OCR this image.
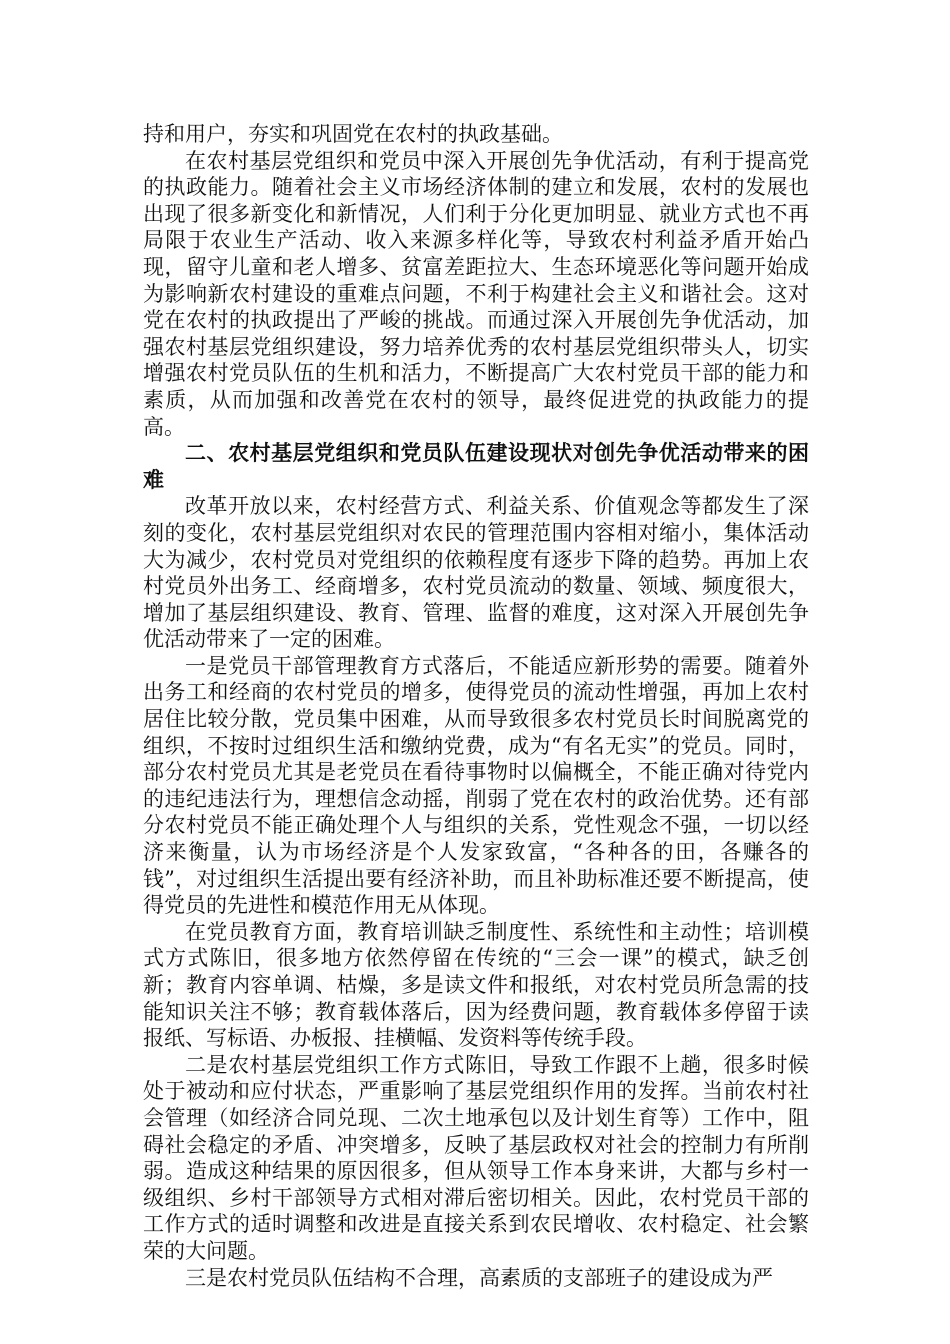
持和用户，夯实和巩固党在农村的执政基础。

在农村基层党组织和党员中深入开展创先争优活动，有利于提高党的执政能力。随着社会主义市场经济体制的建立和发展，农村的发展也出现了很多新变化和新情况，人们利于分化更加明显、就业方式也不再局限于农业生产活动、收入来源多样化等，导致农村利益矛盾开始凸现，留守儿童和老人增多、贫富差距拉大、生态环境恶化等问题开始成为影响新农村建设的重难点问题，不利于构建社会主义和谐社会。这对党在农村的执政提出了严峻的挑战。而通过深入开展创先争优活动，加强农村基层党组织建设，努力培养优秀的农村基层党组织带头人，切实增强农村党员队伍的生机和活力，不断提高广大农村党员干部的能力和素质，从而加强和改善党在农村的领导，最终促进党的执政能力的提高。

二、农村基层党组织和党员队伍建设现状对创先争优活动带来的困难

改革开放以来，农村经营方式、利益关系、价值观念等都发生了深刻的变化，农村基层党组织对农民的管理范围内容相对缩小，集体活动大为减少，农村党员对党组织的依赖程度有逐步下降的趋势。再加上农村党员外出务工、经商增多，农村党员流动的数量、领域、频度很大，增加了基层组织建设、教育、管理、监督的难度，这对深入开展创先争优活动带来了一定的困难。

一是党员干部管理教育方式落后，不能适应新形势的需要。随着外出务工和经商的农村党员的增多，使得党员的流动性增强，再加上农村居住比较分散，党员集中困难，从而导致很多农村党员长时间脱离党的组织，不按时过组织生活和缴纳党费，成为“有名无实”的党员。同时，部分农村党员尤其是老党员在看待事物时以偏概全，不能正确对待党内的违纪违法行为，理想信念动摇，削弱了党在农村的政治优势。还有部分农村党员不能正确处理个人与组织的关系，党性观念不强，一切以经济来衡量，认为市场经济是个人发家致富，“各种各的田，各赚各的钱”，对过组织生活提出要有经济补助，而且补助标准还要不断提高，使得党员的先进性和模范作用无从体现。

在党员教育方面，教育培训缺乏制度性、系统性和主动性；培训模式方式陈旧，很多地方依然停留在传统的“三会一课”的模式，缺乏创新；教育内容单调、枯燥，多是读文件和报纸，对农村党员所急需的技能知识关注不够；教育载体落后，因为经费问题，教育载体多停留于读报纸、写标语、办板报、挂横幅、发资料等传统手段。

二是农村基层党组织工作方式陈旧，导致工作跟不上趟，很多时候处于被动和应付状态，严重影响了基层党组织作用的发挥。当前农村社会管理（如经济合同兑现、二次土地承包以及计划生育等）工作中，阻碍社会稳定的矛盾、冲突增多，反映了基层政权对社会的控制力有所削弱。造成这种结果的原因很多，但从领导工作本身来讲，大都与乡村一级组织、乡村干部领导方式相对滞后密切相关。因此，农村党员干部的工作方式的适时调整和改进是直接关系到农民增收、农村稳定、社会繁荣的大问题。

三是农村党员队伍结构不合理，高素质的支部班子的建设成为严
